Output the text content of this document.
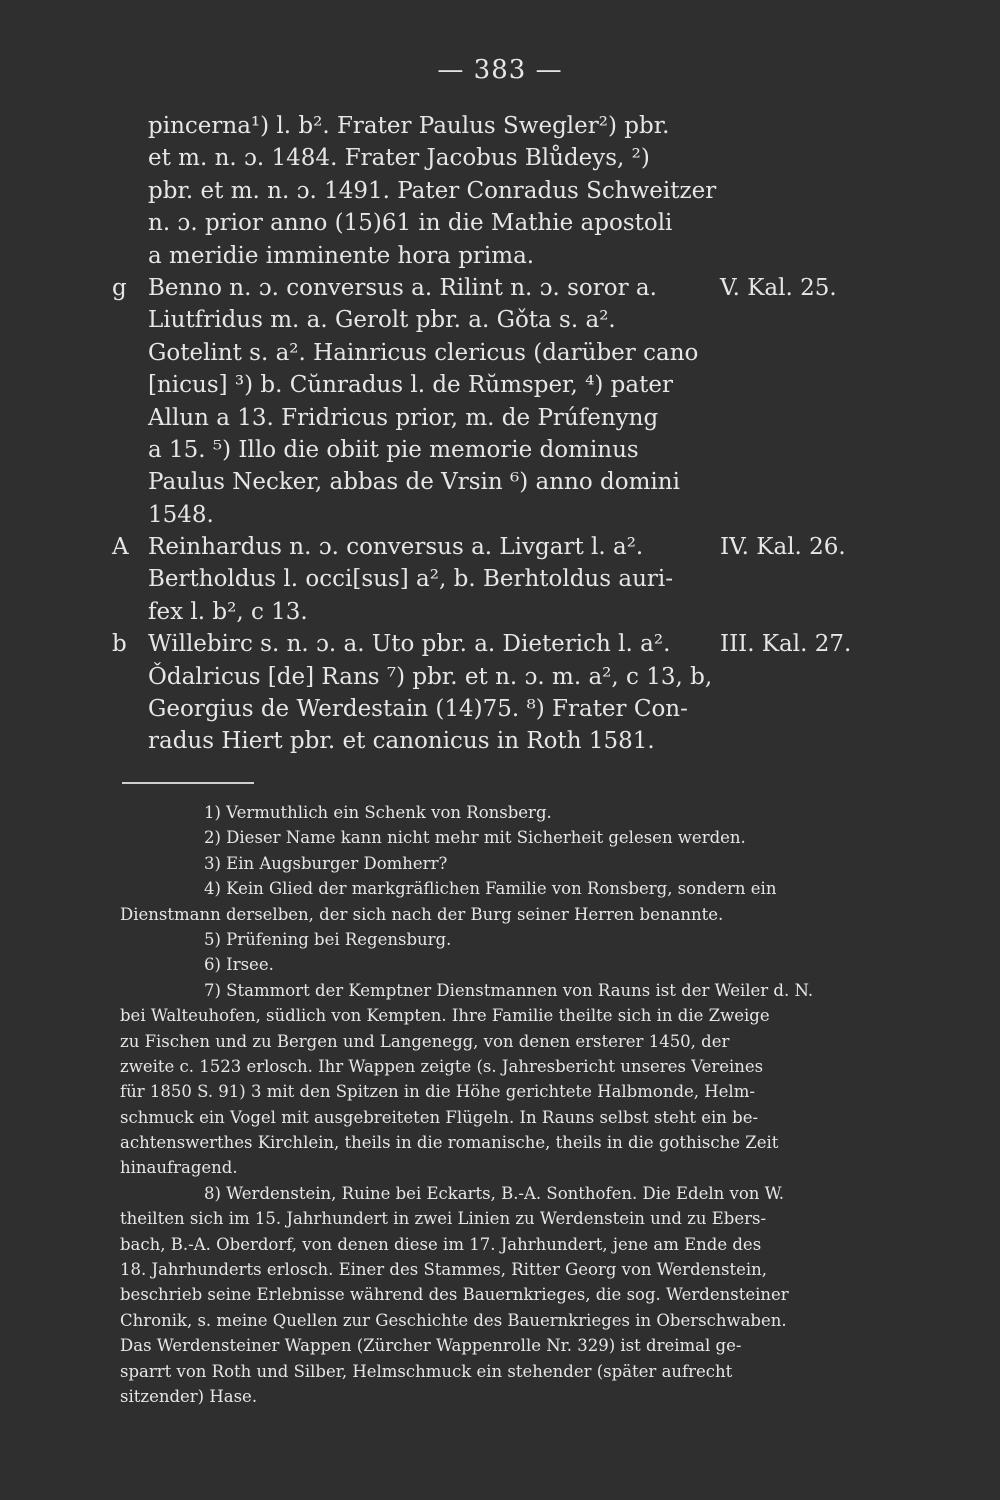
— 383 —
pincerna¹) l. b². Frater Paulus Swegler²) pbr.
et m. n. ɔ. 1484. Frater Jacobus Blůdeys, ²)
pbr. et m. n. ɔ. 1491. Pater Conradus Schweitzer
n. ɔ. prior anno (15)61 in die Mathie apostoli
a meridie imminente hora prima.
g Benno n. ɔ. conversus a. Rilint n. ɔ. soror a.	V. Kal. 25.
Liutfridus m. a. Gerolt pbr. a. Gǒta s. a².
Gotelint s. a². Hainricus clericus (darüber cano
[nicus] ³) b. Cŭnradus l. de Rŭmsper, ⁴) pater
Allun a 13. Fridricus prior, m. de Prúfenyng
a 15. ⁵) Illo die obiit pie memorie dominus
Paulus Necker, abbas de Vrsin ⁶) anno domini
1548.
A Reinhardus n. ɔ. conversus a. Livgart l. a².	IV. Kal. 26.
Bertholdus l. occi[sus] a², b. Berhtoldus auri-
fex l. b², c 13.
b Willebirc s. n. ɔ. a. Uto pbr. a. Dieterich l. a². III. Kal. 27.
Ǒdalricus [de] Rans ⁷) pbr. et n. ɔ. m. a², c 13, b,
Georgius de Werdestain (14)75. ⁸) Frater Con-
radus Hiert pbr. et canonicus in Roth 1581.
1) Vermuthlich ein Schenk von Ronsberg.
2) Dieser Name kann nicht mehr mit Sicherheit gelesen werden.
3) Ein Augsburger Domherr?
4) Kein Glied der markgräflichen Familie von Ronsberg, sondern ein
Dienstmann derselben, der sich nach der Burg seiner Herren benannte.
5) Prüfening bei Regensburg.
6) Irsee.
7) Stammort der Kemptner Dienstmannen von Rauns ist der Weiler d. N.
bei Walteuhofen, südlich von Kempten. Ihre Familie theilte sich in die Zweige
zu Fischen und zu Bergen und Langenegg, von denen ersterer 1450, der
zweite c. 1523 erlosch. Ihr Wappen zeigte (s. Jahresbericht unseres Vereines
für 1850 S. 91) 3 mit den Spitzen in die Höhe gerichtete Halbmonde, Helm-
schmuck ein Vogel mit ausgebreiteten Flügeln. In Rauns selbst steht ein be-
achtenswerthes Kirchlein, theils in die romanische, theils in die gothische Zeit
hinaufragend.
8) Werdenstein, Ruine bei Eckarts, B.-A. Sonthofen. Die Edeln von W.
theilten sich im 15. Jahrhundert in zwei Linien zu Werdenstein und zu Ebers-
bach, B.-A. Oberdorf, von denen diese im 17. Jahrhundert, jene am Ende des
18. Jahrhunderts erlosch. Einer des Stammes, Ritter Georg von Werdenstein,
beschrieb seine Erlebnisse während des Bauernkrieges, die sog. Werdensteiner
Chronik, s. meine Quellen zur Geschichte des Bauernkrieges in Oberschwaben.
Das Werdensteiner Wappen (Zürcher Wappenrolle Nr. 329) ist dreimal ge-
sparrt von Roth und Silber, Helmschmuck ein stehender (später aufrecht
sitzender) Hase.
